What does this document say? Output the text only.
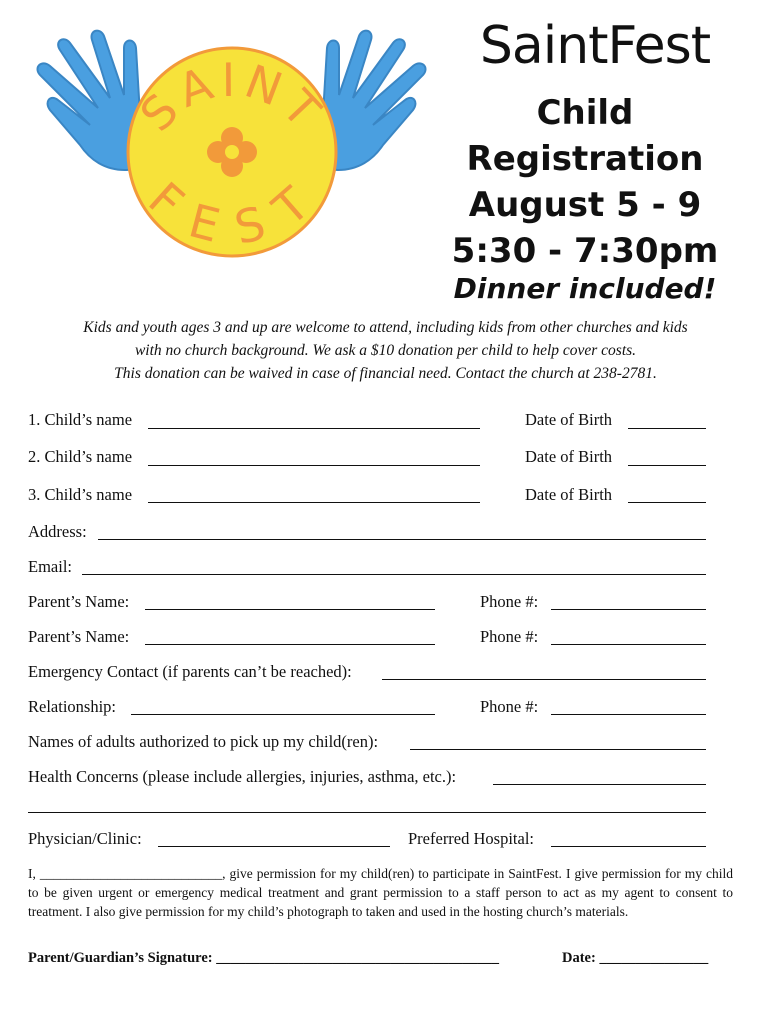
SAINT
FEST
SaintFest
Child
Registration
August 5 - 9
5:30 - 7:30pm
Dinner included!
Kids and youth ages 3 and up are welcome to attend, including kids from other churches and kids
with no church background. We ask a $10 donation per child to help cover costs.
This donation can be waived in case of financial need. Contact the church at 238-2781.
1. Child’s name	Date of Birth
2. Child’s name	Date of Birth
3. Child’s name	Date of Birth
Address:
Email:
Parent’s Name:	Phone #:
Parent’s Name:	Phone #:
Emergency Contact (if parents can’t be reached):
Relationship:	Phone #:
Names of adults authorized to pick up my child(ren):
Health Concerns (please include allergies, injuries, asthma, etc.):
Physician/Clinic:	Preferred Hospital:
I, ___________________________, give permission for my child(ren) to participate in SaintFest. I give permission for my child to be given urgent or emergency medical treatment and grant permission to a staff person to act as my agent to consent to treatment. I also give permission for my child’s photograph to taken and used in the hosting church’s materials.
Parent/Guardian’s Signature: _______________________________________	Date: _______________
